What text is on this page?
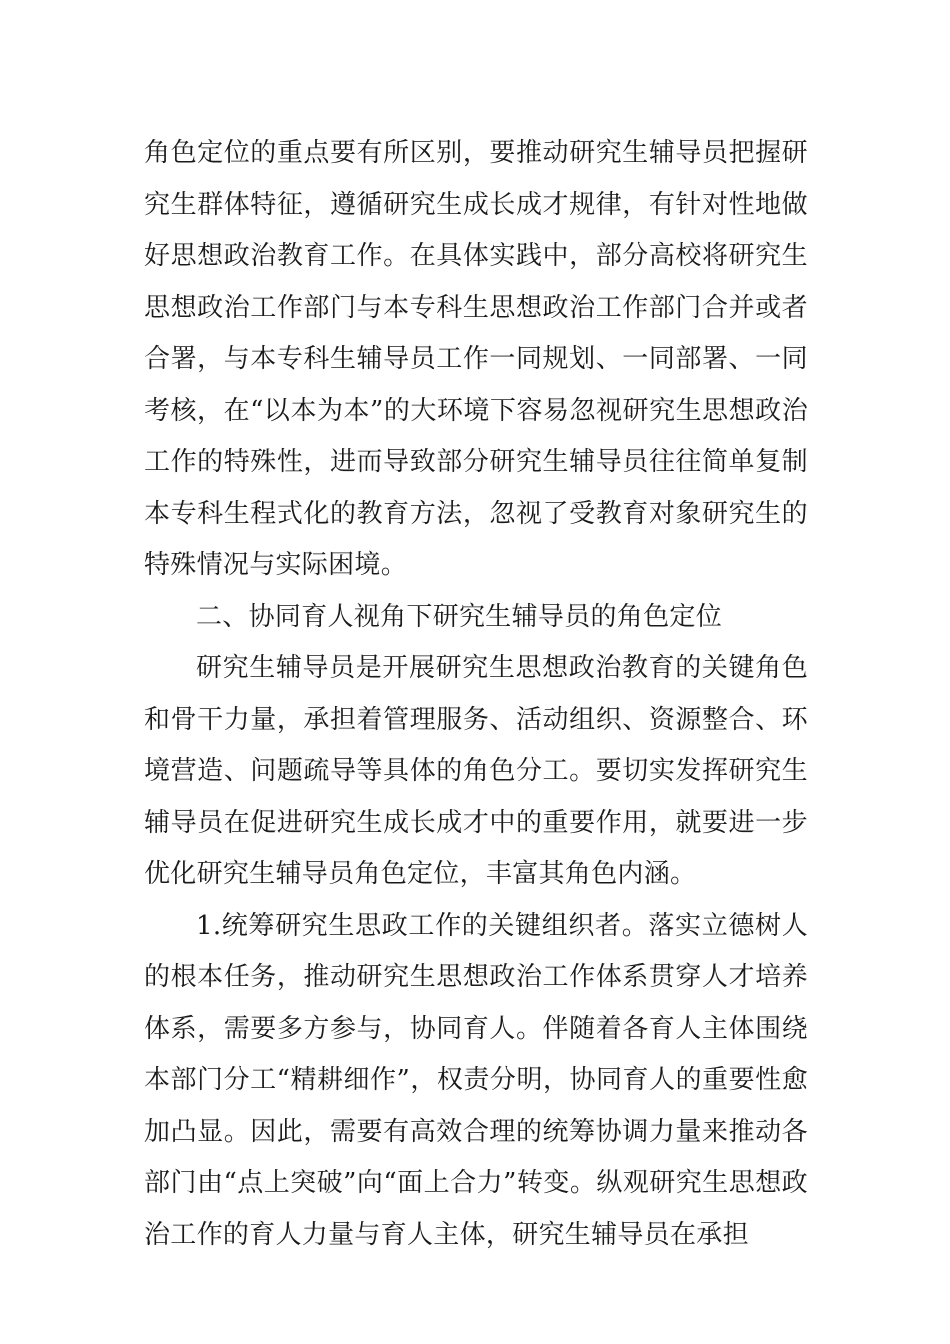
角色定位的重点要有所区别，要推动研究生辅导员把握研究生群体特征，遵循研究生成长成才规律，有针对性地做好思想政治教育工作。在具体实践中，部分高校将研究生思想政治工作部门与本专科生思想政治工作部门合并或者合署，与本专科生辅导员工作一同规划、一同部署、一同考核，在“以本为本”的大环境下容易忽视研究生思想政治工作的特殊性，进而导致部分研究生辅导员往往简单复制本专科生程式化的教育方法，忽视了受教育对象研究生的特殊情况与实际困境。

二、协同育人视角下研究生辅导员的角色定位

研究生辅导员是开展研究生思想政治教育的关键角色和骨干力量，承担着管理服务、活动组织、资源整合、环境营造、问题疏导等具体的角色分工。要切实发挥研究生辅导员在促进研究生成长成才中的重要作用，就要进一步优化研究生辅导员角色定位，丰富其角色内涵。

1.统筹研究生思政工作的关键组织者。落实立德树人的根本任务，推动研究生思想政治工作体系贯穿人才培养体系，需要多方参与，协同育人。伴随着各育人主体围绕本部门分工“精耕细作”，权责分明，协同育人的重要性愈加凸显。因此，需要有高效合理的统筹协调力量来推动各部门由“点上突破”向“面上合力”转变。纵观研究生思想政治工作的育人力量与育人主体，研究生辅导员在承担
